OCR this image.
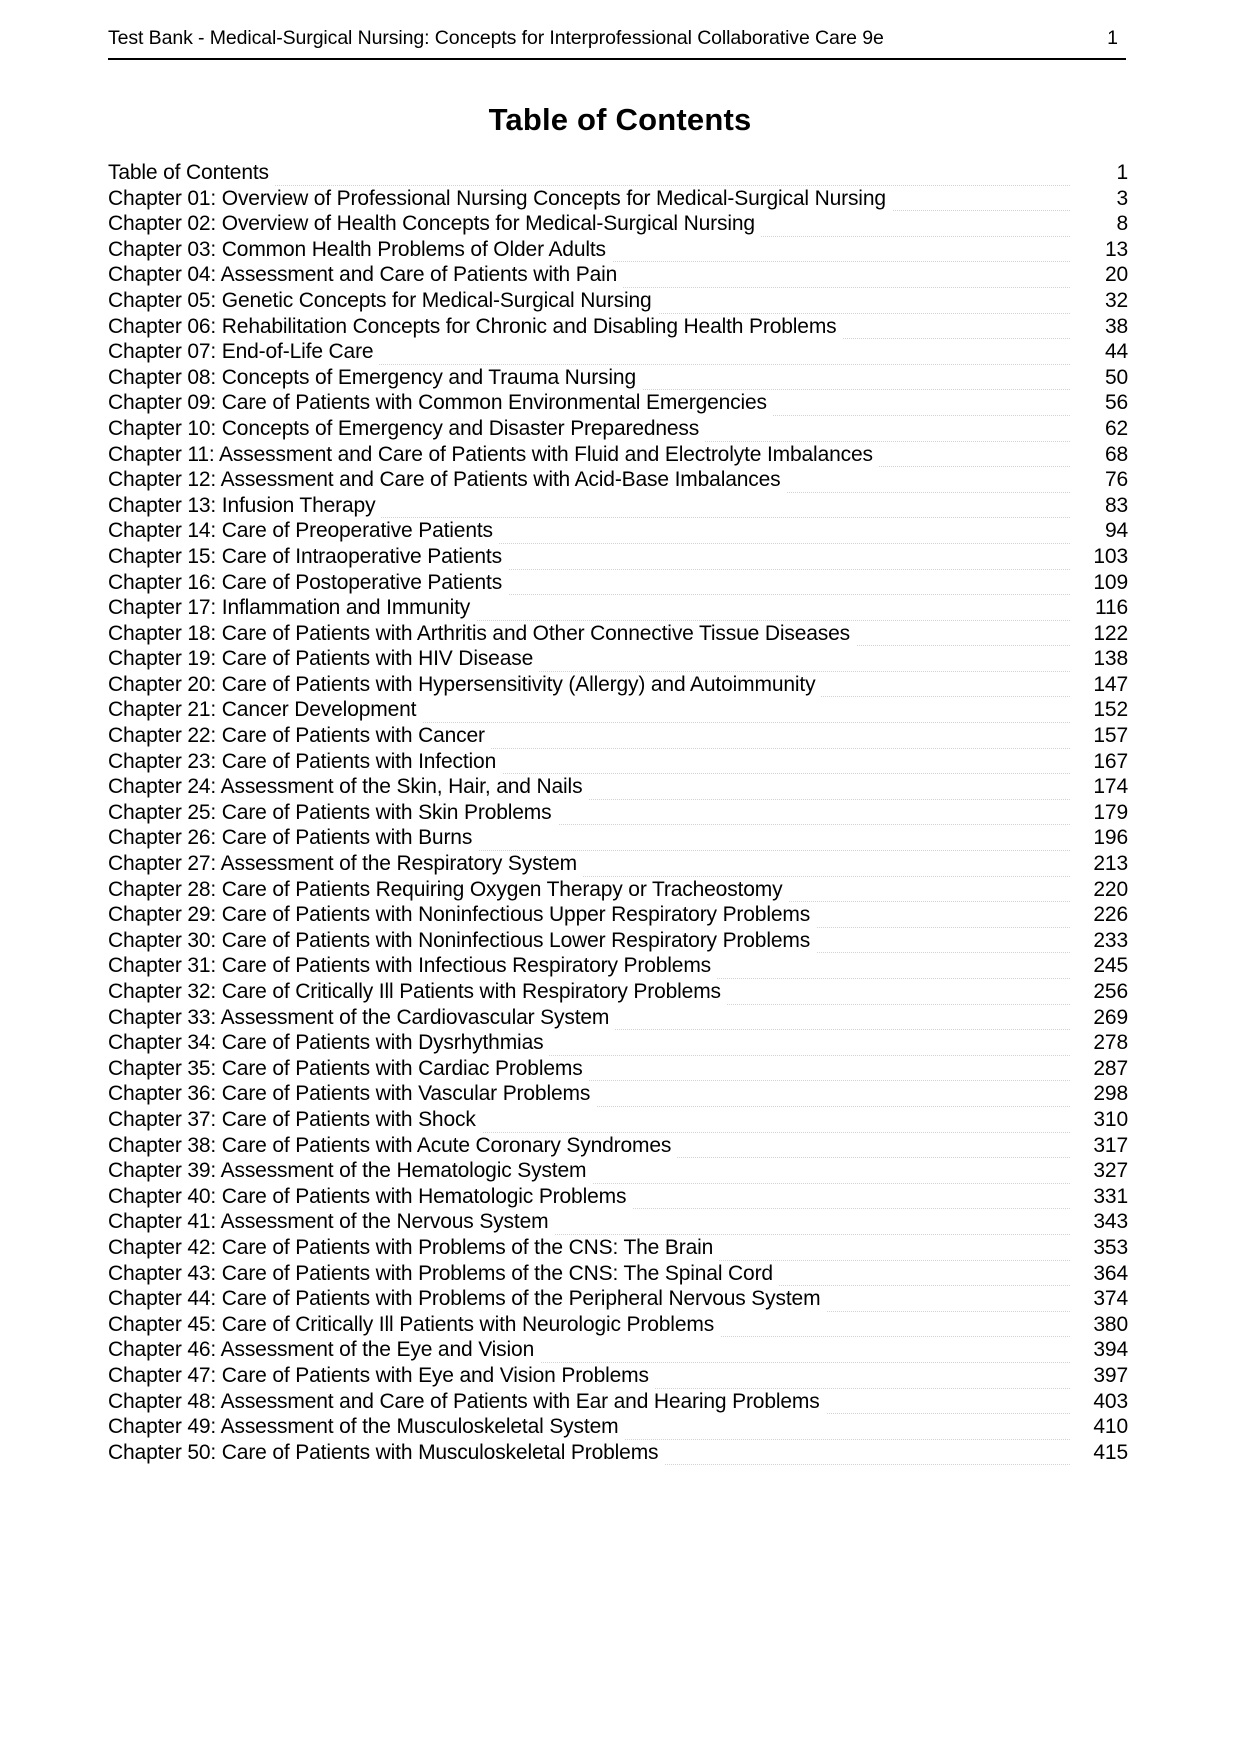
Test Bank - Medical-Surgical Nursing: Concepts for Interprofessional Collaborative Care 9e	1
Table of Contents
Table of Contents	1
Chapter 01: Overview of Professional Nursing Concepts for Medical-Surgical Nursing	3
Chapter 02: Overview of Health Concepts for Medical-Surgical Nursing	8
Chapter 03: Common Health Problems of Older Adults	13
Chapter 04: Assessment and Care of Patients with Pain	20
Chapter 05: Genetic Concepts for Medical-Surgical Nursing	32
Chapter 06: Rehabilitation Concepts for Chronic and Disabling Health Problems	38
Chapter 07: End-of-Life Care	44
Chapter 08: Concepts of Emergency and Trauma Nursing	50
Chapter 09: Care of Patients with Common Environmental Emergencies	56
Chapter 10: Concepts of Emergency and Disaster Preparedness	62
Chapter 11: Assessment and Care of Patients with Fluid and Electrolyte Imbalances	68
Chapter 12: Assessment and Care of Patients with Acid-Base Imbalances	76
Chapter 13: Infusion Therapy	83
Chapter 14: Care of Preoperative Patients	94
Chapter 15: Care of Intraoperative Patients	103
Chapter 16: Care of Postoperative Patients	109
Chapter 17: Inflammation and Immunity	116
Chapter 18: Care of Patients with Arthritis and Other Connective Tissue Diseases	122
Chapter 19: Care of Patients with HIV Disease	138
Chapter 20: Care of Patients with Hypersensitivity (Allergy) and Autoimmunity	147
Chapter 21: Cancer Development	152
Chapter 22: Care of Patients with Cancer	157
Chapter 23: Care of Patients with Infection	167
Chapter 24: Assessment of the Skin, Hair, and Nails	174
Chapter 25: Care of Patients with Skin Problems	179
Chapter 26: Care of Patients with Burns	196
Chapter 27: Assessment of the Respiratory System	213
Chapter 28: Care of Patients Requiring Oxygen Therapy or Tracheostomy	220
Chapter 29: Care of Patients with Noninfectious Upper Respiratory Problems	226
Chapter 30: Care of Patients with Noninfectious Lower Respiratory Problems	233
Chapter 31: Care of Patients with Infectious Respiratory Problems	245
Chapter 32: Care of Critically Ill Patients with Respiratory Problems	256
Chapter 33: Assessment of the Cardiovascular System	269
Chapter 34: Care of Patients with Dysrhythmias	278
Chapter 35: Care of Patients with Cardiac Problems	287
Chapter 36: Care of Patients with Vascular Problems	298
Chapter 37: Care of Patients with Shock	310
Chapter 38: Care of Patients with Acute Coronary Syndromes	317
Chapter 39: Assessment of the Hematologic System	327
Chapter 40: Care of Patients with Hematologic Problems	331
Chapter 41: Assessment of the Nervous System	343
Chapter 42: Care of Patients with Problems of the CNS: The Brain	353
Chapter 43: Care of Patients with Problems of the CNS: The Spinal Cord	364
Chapter 44: Care of Patients with Problems of the Peripheral Nervous System	374
Chapter 45: Care of Critically Ill Patients with Neurologic Problems	380
Chapter 46: Assessment of the Eye and Vision	394
Chapter 47: Care of Patients with Eye and Vision Problems	397
Chapter 48: Assessment and Care of Patients with Ear and Hearing Problems	403
Chapter 49: Assessment of the Musculoskeletal System	410
Chapter 50: Care of Patients with Musculoskeletal Problems	415
